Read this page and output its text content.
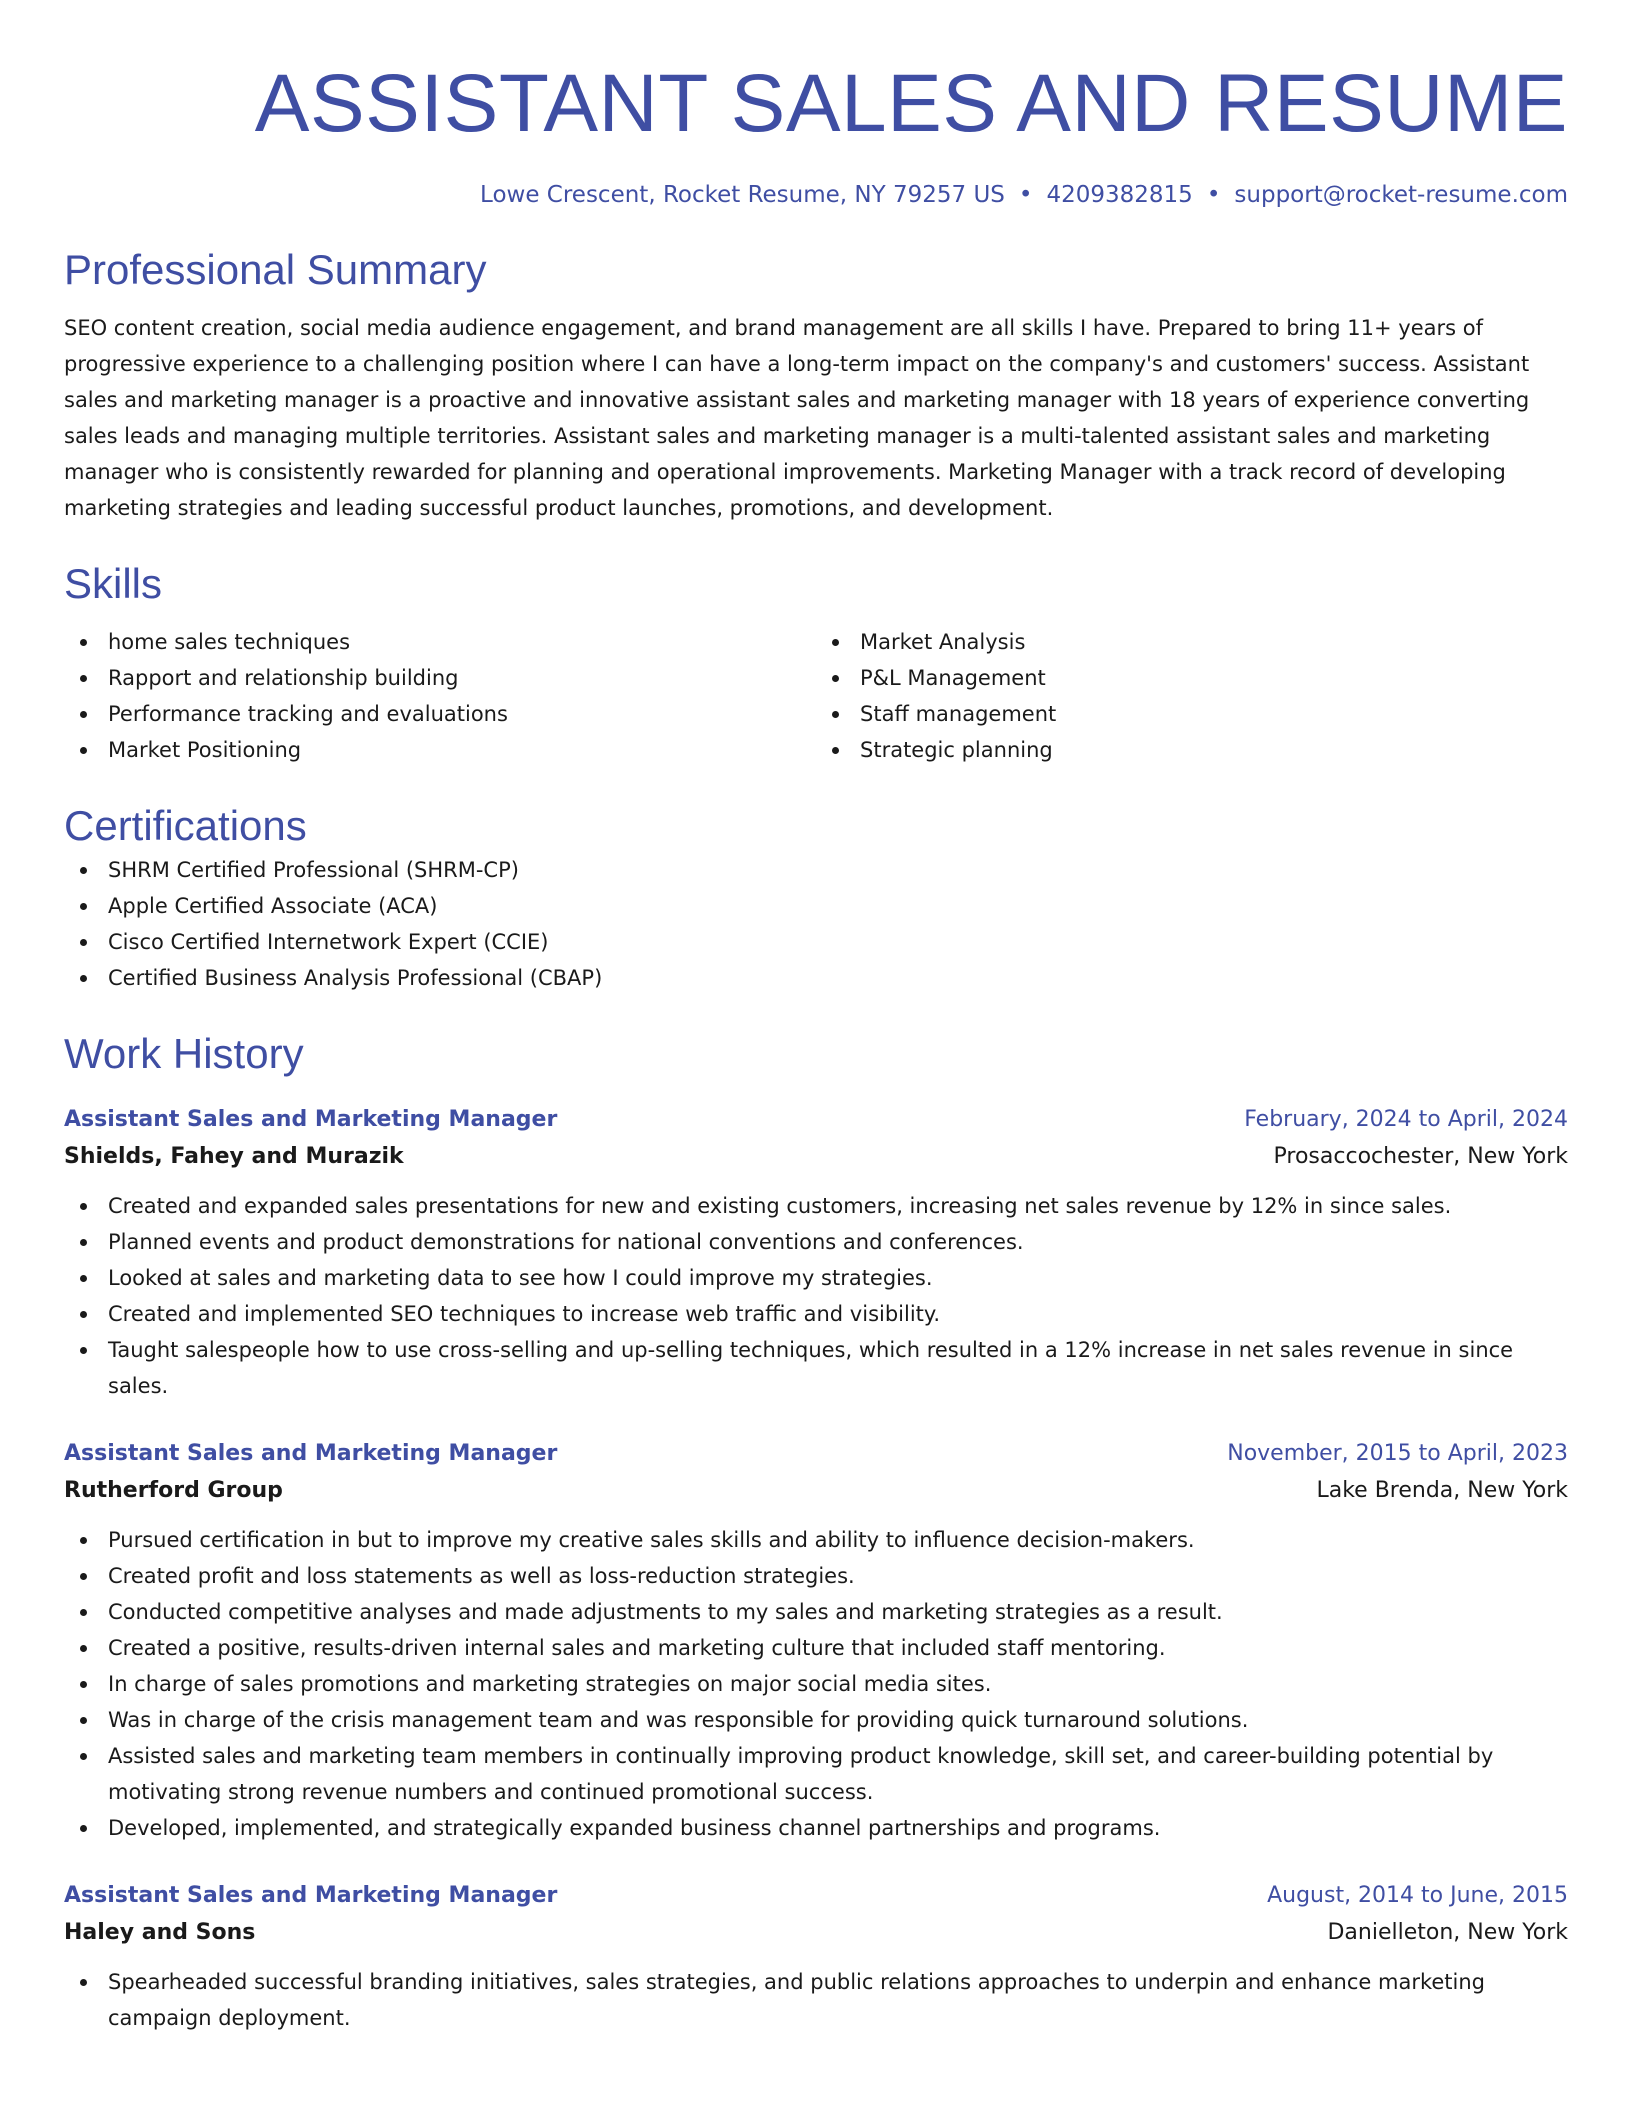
ASSISTANT SALES AND RESUME
Lowe Crescent, Rocket Resume, NY 79257 US • 4209382815 • support@rocket-resume.com
Professional Summary

SEO content creation, social media audience engagement, and brand management are all skills I have. Prepared to bring 11+ years of progressive experience to a challenging position where I can have a long-term impact on the company's and customers' success. Assistant sales and marketing manager is a proactive and innovative assistant sales and marketing manager with 18 years of experience converting sales leads and managing multiple territories. Assistant sales and marketing manager is a multi-talented assistant sales and marketing manager who is consistently rewarded for planning and operational improvements. Marketing Manager with a track record of developing marketing strategies and leading successful product launches, promotions, and development.

Skills
home sales techniques
Rapport and relationship building
Performance tracking and evaluations
Market Positioning
Market Analysis
P&L Management
Staff management
Strategic planning
Certifications
SHRM Certified Professional (SHRM-CP)
Apple Certified Associate (ACA)
Cisco Certified Internetwork Expert (CCIE)
Certified Business Analysis Professional (CBAP)
Work History
Assistant Sales and Marketing Manager	February, 2024 to April, 2024
Shields, Fahey and Murazik	Prosaccochester, New York
Created and expanded sales presentations for new and existing customers, increasing net sales revenue by 12% in since sales.
Planned events and product demonstrations for national conventions and conferences.
Looked at sales and marketing data to see how I could improve my strategies.
Created and implemented SEO techniques to increase web traffic and visibility.
Taught salespeople how to use cross-selling and up-selling techniques, which resulted in a 12% increase in net sales revenue in since sales.
Assistant Sales and Marketing Manager	November, 2015 to April, 2023
Rutherford Group	Lake Brenda, New York
Pursued certification in but to improve my creative sales skills and ability to influence decision-makers.
Created profit and loss statements as well as loss-reduction strategies.
Conducted competitive analyses and made adjustments to my sales and marketing strategies as a result.
Created a positive, results-driven internal sales and marketing culture that included staff mentoring.
In charge of sales promotions and marketing strategies on major social media sites.
Was in charge of the crisis management team and was responsible for providing quick turnaround solutions.
Assisted sales and marketing team members in continually improving product knowledge, skill set, and career-building potential by motivating strong revenue numbers and continued promotional success.
Developed, implemented, and strategically expanded business channel partnerships and programs.
Assistant Sales and Marketing Manager	August, 2014 to June, 2015
Haley and Sons	Danielleton, New York
Spearheaded successful branding initiatives, sales strategies, and public relations approaches to underpin and enhance marketing campaign deployment.
